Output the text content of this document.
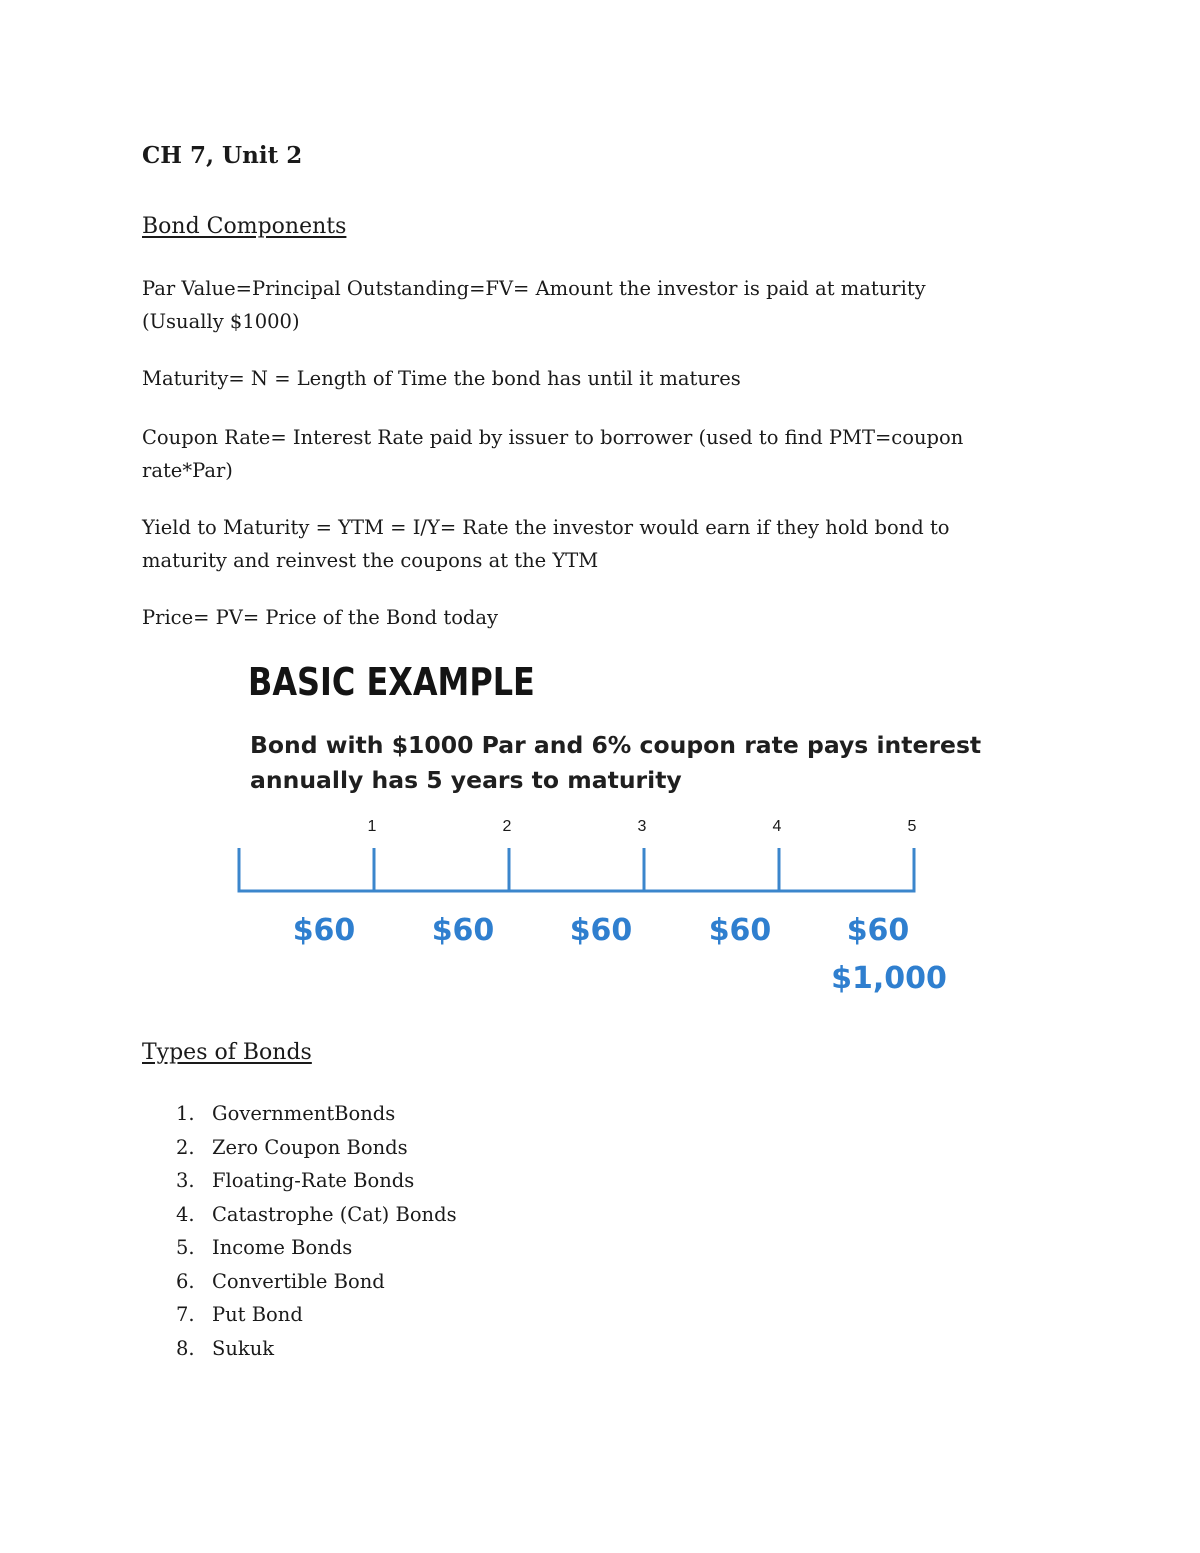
CH 7, Unit 2
Bond Components
Par Value=Principal Outstanding=FV= Amount the investor is paid at maturity
(Usually $1000)
Maturity= N = Length of Time the bond has until it matures
Coupon Rate= Interest Rate paid by issuer to borrower (used to find PMT=coupon
rate*Par)
Yield to Maturity = YTM = I/Y= Rate the investor would earn if they hold bond to
maturity and reinvest the coupons at the YTM
Price= PV= Price of the Bond today
BASIC EXAMPLE
Bond with $1000 Par and 6% coupon rate pays interest
annually has 5 years to maturity
1	2	3	4	5
$60	$60	$60	$60	$60
$1,000
Types of Bonds
1. GovernmentBonds
2. Zero Coupon Bonds
3. Floating-Rate Bonds
4. Catastrophe (Cat) Bonds
5. Income Bonds
6. Convertible Bond
7. Put Bond
8. Sukuk
